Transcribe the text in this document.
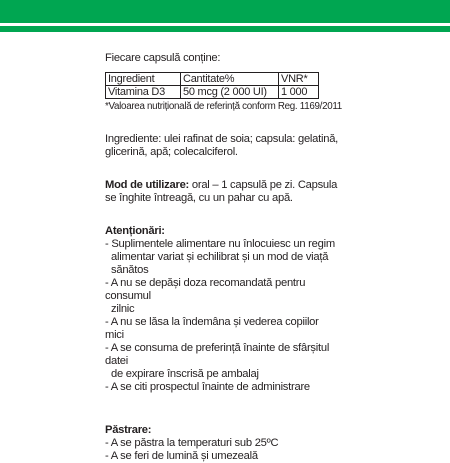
Fiecare capsulă conține:

Ingredient	Cantitate%	VNR*
Vitamina D3	50 mcg (2 000 UI)	1 000

*Valoarea nutrițională de referință conform Reg. 1169/2011

Ingrediente: ulei rafinat de soia; capsula: gelatină, glicerină, apă; colecalciferol.

Mod de utilizare: oral – 1 capsulă pe zi. Capsula se înghite întreagă, cu un pahar cu apă.

Atenționări:
- Suplimentele alimentare nu înlocuiesc un regim
alimentar variat și echilibrat și un mod de viață sănătos
- A nu se depăși doza recomandată pentru consumul
zilnic
- A nu se lăsa la îndemâna și vederea copiilor mici
- A se consuma de preferință înainte de sfârșitul datei
de expirare înscrisă pe ambalaj
- A se citi prospectul înainte de administrare
Păstrare:
- A se păstra la temperaturi sub 25ºC
- A se feri de lumină și umezeală
